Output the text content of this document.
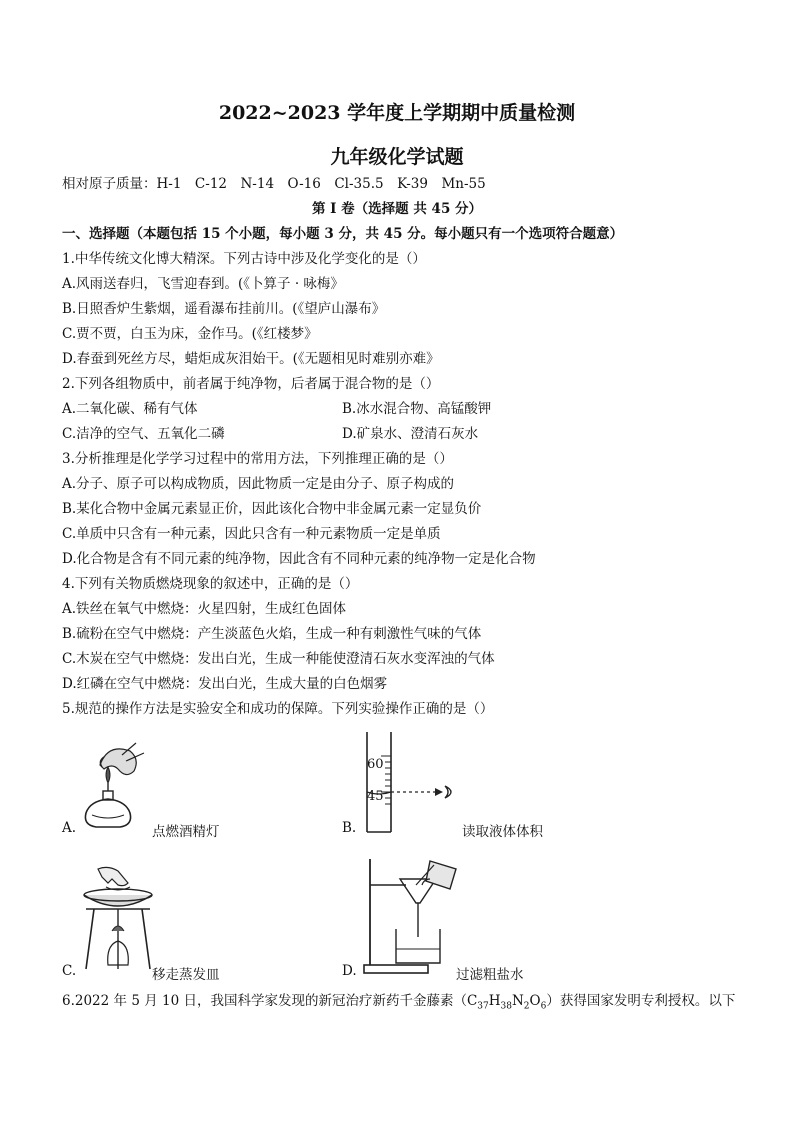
2022~2023 学年度上学期期中质量检测
九年级化学试题
相对原子质量：H-1　C-12　N-14　O-16　Cl-35.5　K-39　Mn-55
第 I 卷（选择题 共 45 分）
一、选择题（本题包括 15 个小题，每小题 3 分，共 45 分。每小题只有一个选项符合题意）
1.中华传统文化博大精深。下列古诗中涉及化学变化的是（）
A.风雨送春归，飞雪迎春到。(《卜算子 · 咏梅》
B.日照香炉生紫烟，遥看瀑布挂前川。(《望庐山瀑布》
C.贾不贾，白玉为床，金作马。(《红楼梦》
D.春蚕到死丝方尽，蜡炬成灰泪始干。(《无题相见时难别亦难》
2.下列各组物质中，前者属于纯净物，后者属于混合物的是（）
A.二氧化碳、稀有气体	B.冰水混合物、高锰酸钾
C.洁净的空气、五氧化二磷	D.矿泉水、澄清石灰水
3.分析推理是化学学习过程中的常用方法，下列推理正确的是（）
A.分子、原子可以构成物质，因此物质一定是由分子、原子构成的
B.某化合物中金属元素显正价，因此该化合物中非金属元素一定显负价
C.单质中只含有一种元素，因此只含有一种元素物质一定是单质
D.化合物是含有不同元素的纯净物，因此含有不同种元素的纯净物一定是化合物
4.下列有关物质燃烧现象的叙述中，正确的是（）
A.铁丝在氧气中燃烧：火星四射，生成红色固体
B.硫粉在空气中燃烧：产生淡蓝色火焰，生成一种有刺激性气味的气体
C.木炭在空气中燃烧：发出白光，生成一种能使澄清石灰水变浑浊的气体
D.红磷在空气中燃烧：发出白光，生成大量的白色烟雾
5.规范的操作方法是实验安全和成功的保障。下列实验操作正确的是（）
A.	点燃酒精灯
60
45
B.	读取液体体积
C.	移走蒸发皿	D.	过滤粗盐水
6.2022 年 5 月 10 日，我国科学家发现的新冠治疗新药千金藤素$(C_{37}H_{38}N_2O_6)$获得国家发明专利授权。以下
